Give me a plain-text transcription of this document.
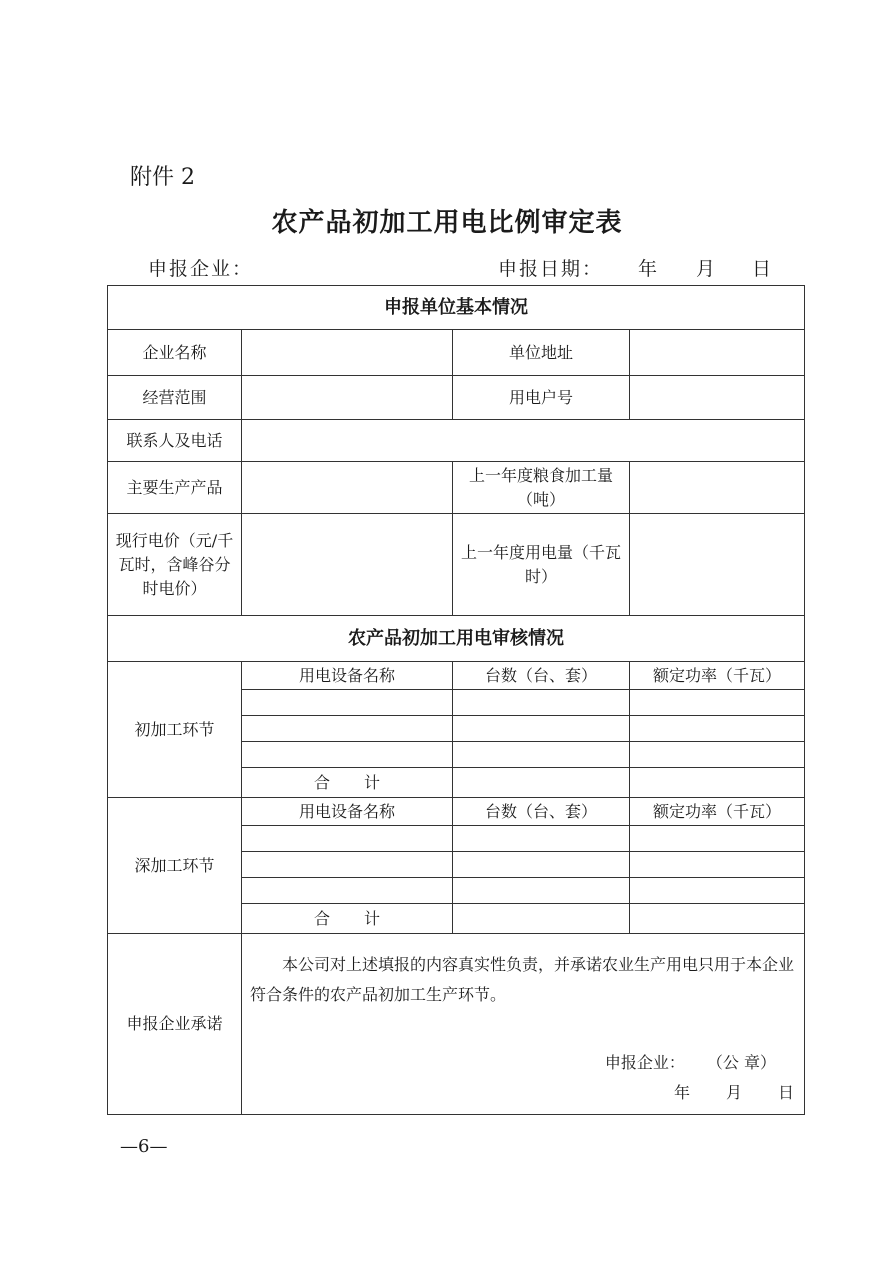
附件 2
农产品初加工用电比例审定表
申报企业：	申报日期： 年 月 日
申报单位基本情况			
企业名称		单位地址	
经营范围		用电户号	
联系人及电话			
主要生产产品		上一年度粮食加工量（吨）	
现行电价（元/千瓦时，含峰谷分时电价）		上一年度用电量（千瓦时）	
农产品初加工用电审核情况			
初加工环节	用电设备名称	台数（台、套）	额定功率（千瓦）

	合 计		
深加工环节	用电设备名称	台数（台、套）	额定功率（千瓦）

	合 计		
申报企业承诺	本公司对上述填报的内容真实性负责，并承诺农业生产用电只用于本企业符合条件的农产品初加工生产环节。

申报企业： （公 章）
年 月 日		
—6—
